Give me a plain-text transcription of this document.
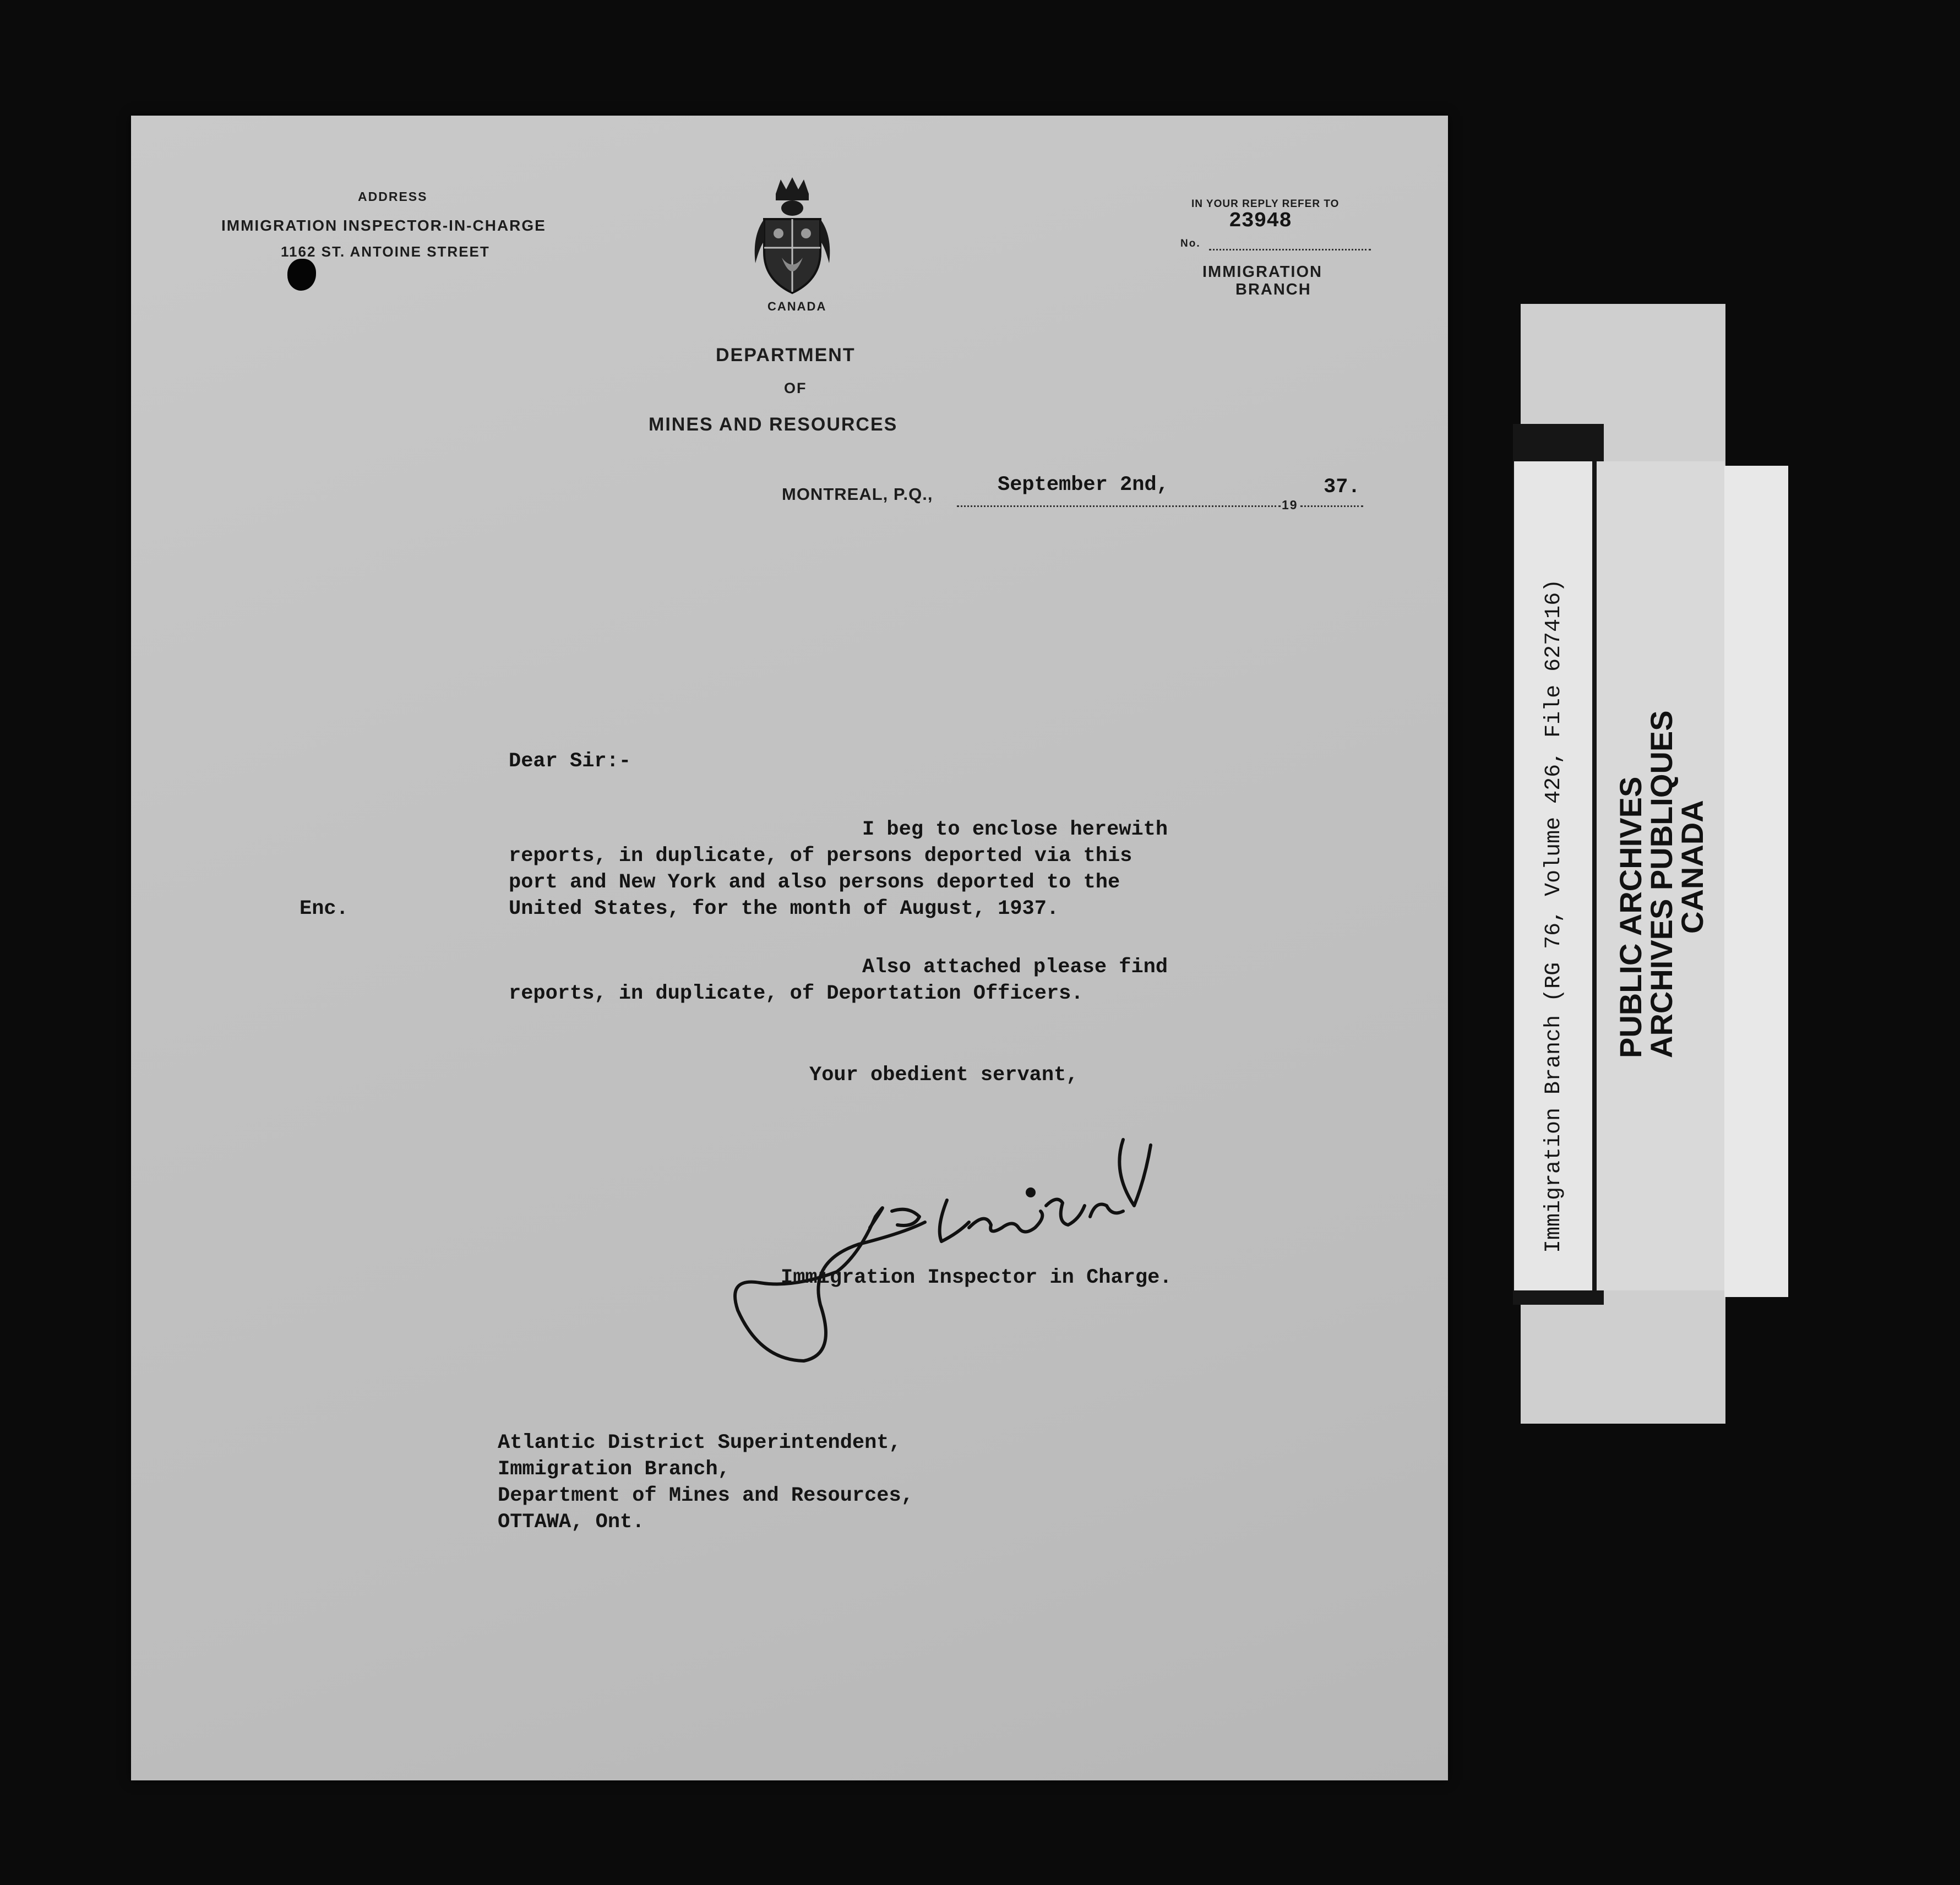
ADDRESS
IMMIGRATION INSPECTOR-IN-CHARGE
1162 ST. ANTOINE STREET
CANADA
DEPARTMENT
OF
MINES AND RESOURCES
IN YOUR REPLY REFER TO
23948
No.
IMMIGRATION
BRANCH
MONTREAL, P.Q.,	September 2nd,
19
37.
Dear Sir:-
I beg to enclose herewith
reports, in duplicate, of persons deported via this
port and New York and also persons deported to the
United States, for the month of August, 1937.
Enc.
Also attached please find
reports, in duplicate, of Deportation Officers.
Your obedient servant,
Immigration Inspector in Charge.
Atlantic District Superintendent,
Immigration Branch,
Department of Mines and Resources,
OTTAWA, Ont.
Immigration Branch (RG 76, Volume 426, File 627416) PUBLIC ARCHIVES
ARCHIVES PUBLIQUES
CANADA
